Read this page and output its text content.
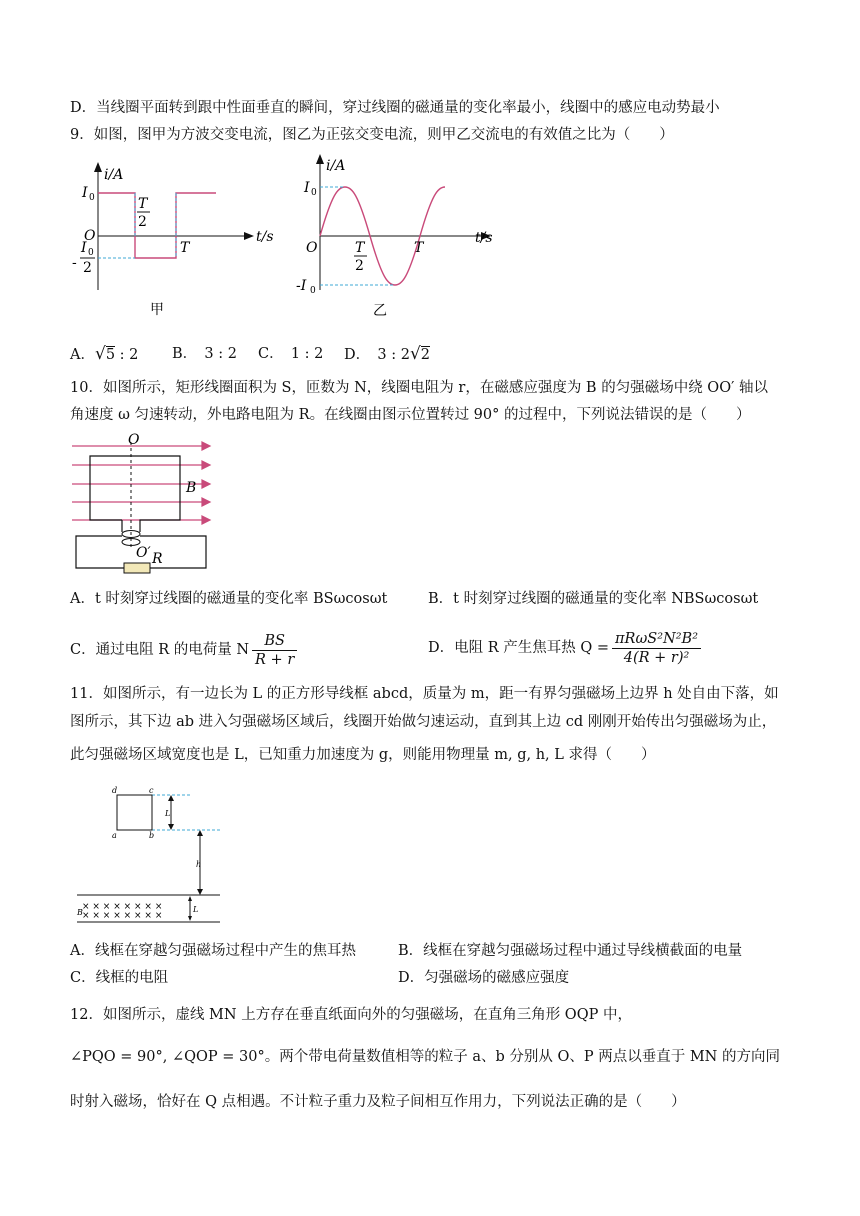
D．当线圈平面转到跟中性面垂直的瞬间，穿过线圈的磁通量的变化率最小，线圈中的感应电动势最小
9．如图，图甲为方波交变电流，图乙为正弦交变电流，则甲乙交流电的有效值之比为（　　）
i/A
t/s
I 0
O
T
2
T
-
I 0
2
甲
i/A
t/s
I 0
O	T
2
T
-I 0
乙
A．√5 : 2 B．　3 : 2 C．　1 : 2 D．　3 : 2√2
10．如图所示，矩形线圈面积为 S，匝数为 N，线圈电阻为 r，在磁感应强度为 B 的匀强磁场中绕 OO′ 轴以
角速度 ω 匀速转动，外电路电阻为 R。在线圈由图示位置转过 90° 的过程中，下列说法错误的是（　　）
O
O′
B
R
A．t 时刻穿过线圈的磁通量的变化率 BSωcosωt	B．t 时刻穿过线圈的磁通量的变化率 NBSωcosωt
C．通过电阻 R 的电荷量 N $\frac{BS}{R + r}$	D．电阻 R 产生焦耳热 $Q = \frac{\text{πRωS²N²B²}}{\text{4(R + r)²}}$
11．如图所示，有一边长为 L 的正方形导线框 abcd，质量为 m，距一有界匀强磁场上边界 h 处自由下落，如
图所示，其下边 ab 进入匀强磁场区域后，线圈开始做匀速运动，直到其上边 cd 刚刚开始传出匀强磁场为止，
此匀强磁场区域宽度也是 L，已知重力加速度为 g，则能用物理量 m, g, h, L 求得（　　）
d	c
a	b
L
h
× × × × × × × ×
× × × × × × × ×
B	L
A．线框在穿越匀强磁场过程中产生的焦耳热	B．线框在穿越匀强磁场过程中通过导线横截面的电量
C．线框的电阻	D．匀强磁场的磁感应强度
12．如图所示，虚线 MN 上方存在垂直纸面向外的匀强磁场，在直角三角形 OQP 中，
∠PQO = 90°, ∠QOP = 30°。两个带电荷量数值相等的粒子 a、b 分别从 O、P 两点以垂直于 MN 的方向同
时射入磁场，恰好在 Q 点相遇。不计粒子重力及粒子间相互作用力，下列说法正确的是（　　）
